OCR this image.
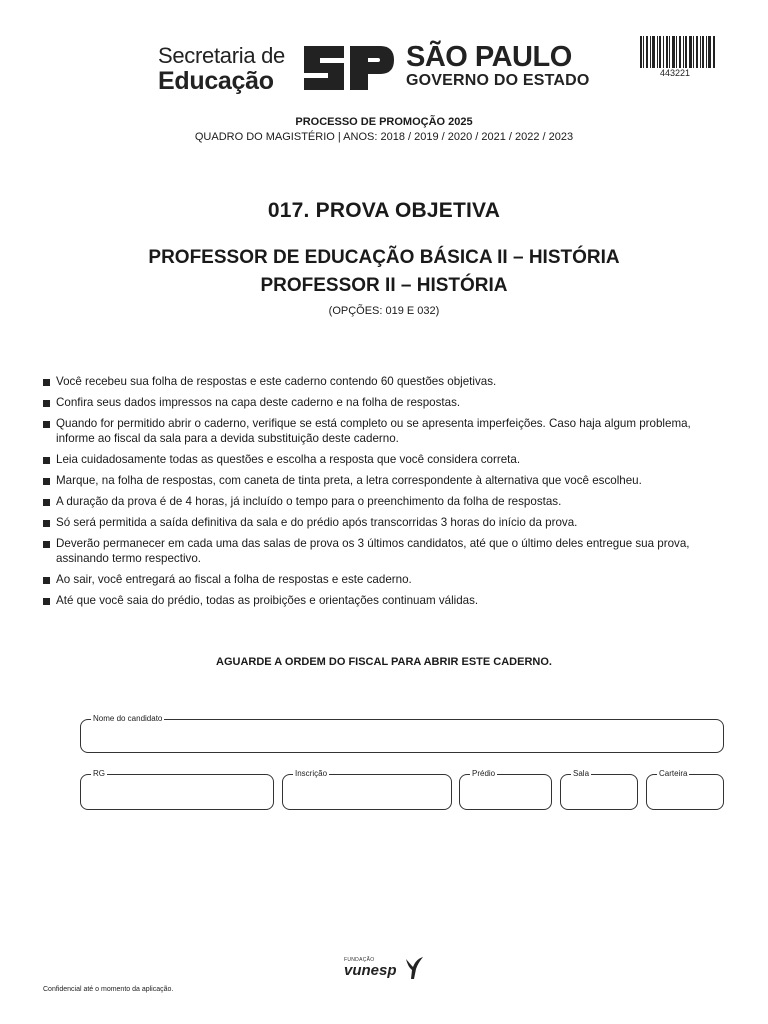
Secretaria de
Educação
SÃO PAULO
GOVERNO DO ESTADO	443221
PROCESSO DE PROMOÇÃO 2025
QUADRO DO MAGISTÉRIO | ANOS: 2018 / 2019 / 2020 / 2021 / 2022 / 2023
017. PROVA OBJETIVA
PROFESSOR DE EDUCAÇÃO BÁSICA II – HISTÓRIA
PROFESSOR II – HISTÓRIA
(OPÇÕES: 019 E 032)
Você recebeu sua folha de respostas e este caderno contendo 60 questões objetivas.
Confira seus dados impressos na capa deste caderno e na folha de respostas.
Quando for permitido abrir o caderno, verifique se está completo ou se apresenta imperfeições. Caso haja algum problema, informe ao fiscal da sala para a devida substituição deste caderno.
Leia cuidadosamente todas as questões e escolha a resposta que você considera correta.
Marque, na folha de respostas, com caneta de tinta preta, a letra correspondente à alternativa que você escolheu.
A duração da prova é de 4 horas, já incluído o tempo para o preenchimento da folha de respostas.
Só será permitida a saída definitiva da sala e do prédio após transcorridas 3 horas do início da prova.
Deverão permanecer em cada uma das salas de prova os 3 últimos candidatos, até que o último deles entregue sua prova, assinando termo respectivo.
Ao sair, você entregará ao fiscal a folha de respostas e este caderno.
Até que você saia do prédio, todas as proibições e orientações continuam válidas.
AGUARDE A ORDEM DO FISCAL PARA ABRIR ESTE CADERNO.
Nome do candidato
RG	Inscrição	Prédio	Sala	Carteira
FUNDAÇÃO
vunesp
Confidencial até o momento da aplicação.
